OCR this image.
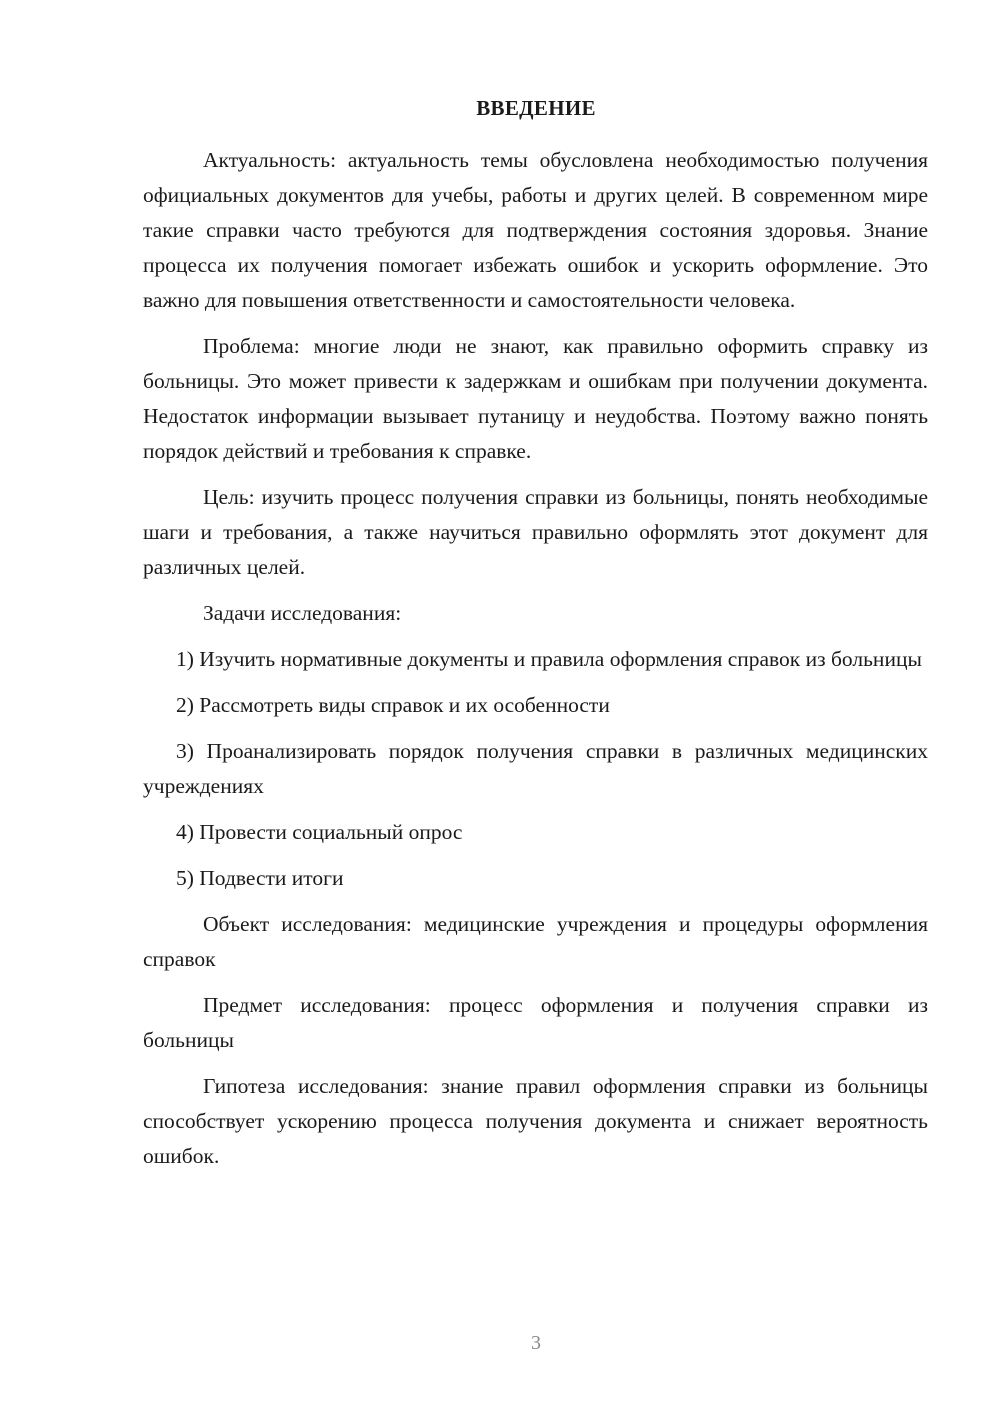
ВВЕДЕНИЕ

Актуальность: актуальность темы обусловлена необходимостью получения официальных документов для учебы, работы и других целей. В современном мире такие справки часто требуются для подтверждения состояния здоровья. Знание процесса их получения помогает избежать ошибок и ускорить оформление. Это важно для повышения ответственности и самостоятельности человека.

Проблема: многие люди не знают, как правильно оформить справку из больницы. Это может привести к задержкам и ошибкам при получении документа. Недостаток информации вызывает путаницу и неудобства. Поэтому важно понять порядок действий и требования к справке.

Цель: изучить процесс получения справки из больницы, понять необходимые шаги и требования, а также научиться правильно оформлять этот документ для различных целей.

Задачи исследования:

1) Изучить нормативные документы и правила оформления справок из больницы

2) Рассмотреть виды справок и их особенности

3) Проанализировать порядок получения справки в различных медицинских учреждениях

4) Провести социальный опрос

5) Подвести итоги

Объект исследования: медицинские учреждения и процедуры оформления справок

Предмет исследования: процесс оформления и получения справки из больницы

Гипотеза исследования: знание правил оформления справки из больницы способствует ускорению процесса получения документа и снижает вероятность ошибок.

3
